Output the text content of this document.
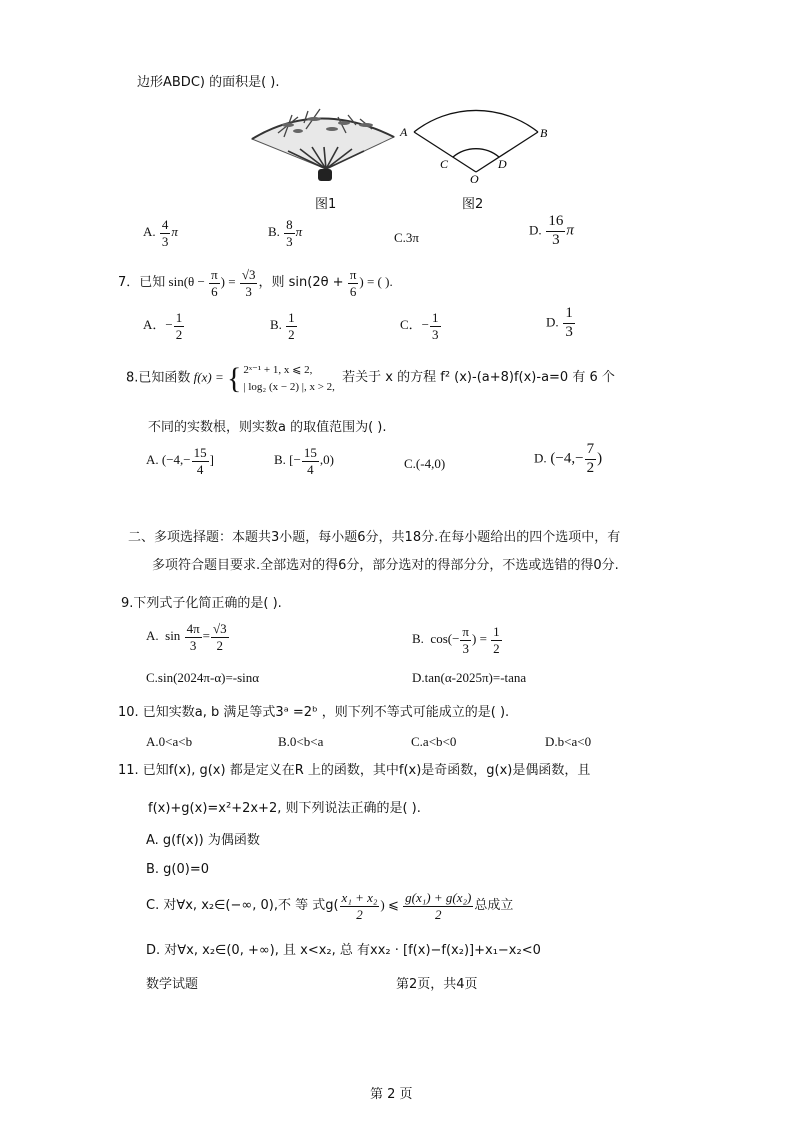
边形ABDC) 的面积是( ).
A	B
C	D
O
图1	图2
A. $\frac{4}{3}$ π	B. $\frac{8}{3}$ π	C.3π	D. $\frac{16}{3}$ π
7．已知 $\sin(\theta - \frac{\pi}{6}$ ) = $\frac{√3}{3}$ ，则 $\sin(2\theta + \frac{\pi}{6}$ ) = ( ).
A．− $\frac{1}{2}$	B. $\frac{1}{2}$	C．− $\frac{1}{3}$	D. $\frac{1}{3}$
8.已知函数 f(x) = { 2ˣ⁻¹ + 1, x ⩽ 2,
| log₂ (x − 2) |, x > 2,
若关于 x 的方程 f² (x)-(a+8)f(x)-a=0 有 6 个
不同的实数根，则实数a 的取值范围为( ).
A. ($-4,- \frac{15}{4}$ ]	B. [− $\frac{15}{4} ,0$)	C.(-4,0)	D. ($-4,- \frac{7}{2}$ )
二、多项选择题：本题共3小题，每小题6分，共18分.在每小题给出的四个选项中，有
多项符合题目要求.全部选对的得6分，部分选对的得部分分，不选或选错的得0分.
9.下列式子化简正确的是( ).
A. $\sin \frac{4\pi}{3} = \frac{√3}{2}$	B. $\cos(- \frac{\pi}{3}$ ) = $\frac{1}{2}$
C.sin(2024π-α)=-sinα	D.tan(α-2025π)=-tana
10. 已知实数a, b 满足等式3ᵃ =2ᵇ ，则下列不等式可能成立的是( ).
A.0<a<b	B.0<b<a	C.a<b<0	D.b<a<0
11. 已知f(x), g(x) 都是定义在R 上的函数，其中f(x)是奇函数，g(x)是偶函数，且
f(x)+g(x)=x²+2x+2, 则下列说法正确的是( ).
A. g(f(x)) 为偶函数
B. g(0)=0
C. 对∀x, x₂∈(−∞, 0),不 等 式$g( \frac{\text{x₁ + x₂}}{2}$ ) ⩽ $\frac{\text{g(x₁) + g(x₂)}}{2}$ 总成立
D. 对∀x, x₂∈(0, +∞), 且 x<x₂, 总 有xx₂ · [f(x)−f(x₂)]+x₁−x₂<0
数学试题	第2页，共4页
第 2 页
